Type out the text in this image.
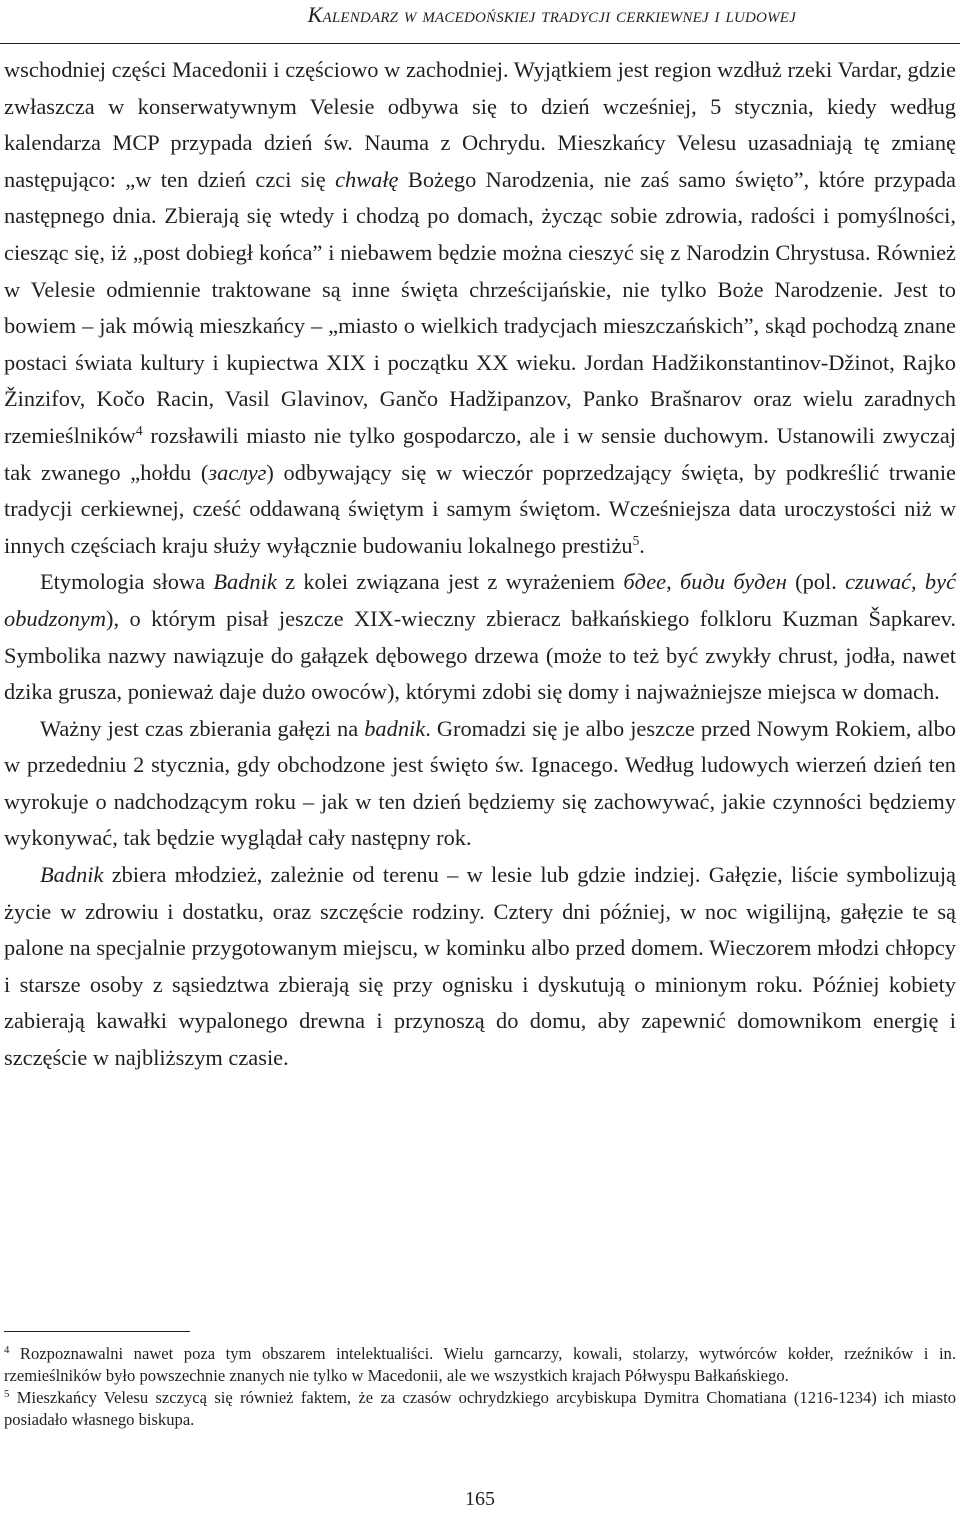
Kalendarz w macedońskiej tradycji cerkiewnej i ludowej

wschodniej części Macedonii i częściowo w zachodniej. Wyjątkiem jest region wzdłuż rzeki Vardar, gdzie zwłaszcza w konserwatywnym Velesie odbywa się to dzień wcześniej, 5 stycznia, kiedy według kalendarza MCP przypada dzień św. Nauma z Ochrydu. Mieszkańcy Velesu uzasadniają tę zmianę następująco: „w ten dzień czci się chwałę Bożego Narodzenia, nie zaś samo święto”, które przypada następnego dnia. Zbierają się wtedy i chodzą po domach, życząc sobie zdrowia, radości i pomyślności, ciesząc się, iż „post dobiegł końca” i niebawem będzie można cieszyć się z Narodzin Chrystusa. Również w Velesie odmiennie traktowane są inne święta chrześcijańskie, nie tylko Boże Narodzenie. Jest to bowiem – jak mówią mieszkańcy – „miasto o wielkich tradycjach mieszczańskich”, skąd pochodzą znane postaci świata kultury i kupiectwa XIX i początku XX wieku. Jordan Hadžikonstantinov-Džinot, Rajko Žinzifov, Kočo Racin, Vasil Glavinov, Gančo Hadžipanzov, Panko Brašnarov oraz wielu zaradnych rzemieślników$^4$ rozsławili miasto nie tylko gospodarczo, ale i w sensie duchowym. Ustanowili zwyczaj tak zwanego „hołdu (заслуг) odbywający się w wieczór poprzedzający święta, by podkreślić trwanie tradycji cerkiewnej, cześć oddawaną świętym i samym świętom. Wcześniejsza data uroczystości niż w innych częściach kraju służy wyłącznie budowaniu lokalnego prestiżu$^5$.

Etymologia słowa Badnik z kolei związana jest z wyrażeniem бдее, биди буден (pol. czuwać, być obudzonym), o którym pisał jeszcze XIX-wieczny zbieracz bałkańskiego folkloru Kuzman Šapkarev. Symbolika nazwy nawiązuje do gałązek dębowego drzewa (może to też być zwykły chrust, jodła, nawet dzika grusza, ponieważ daje dużo owoców), którymi zdobi się domy i najważniejsze miejsca w domach.

Ważny jest czas zbierania gałęzi na badnik. Gromadzi się je albo jeszcze przed Nowym Rokiem, albo w przededniu 2 stycznia, gdy obchodzone jest święto św. Ignacego. Według ludowych wierzeń dzień ten wyrokuje o nadchodzącym roku – jak w ten dzień będziemy się zachowywać, jakie czynności będziemy wykonywać, tak będzie wyglądał cały następny rok.

Badnik zbiera młodzież, zależnie od terenu – w lesie lub gdzie indziej. Gałęzie, liście symbolizują życie w zdrowiu i dostatku, oraz szczęście rodziny. Cztery dni później, w noc wigilijną, gałęzie te są palone na specjalnie przygotowanym miejscu, w kominku albo przed domem. Wieczorem młodzi chłopcy i starsze osoby z sąsiedztwa zbierają się przy ognisku i dyskutują o minionym roku. Później kobiety zabierają kawałki wypalonego drewna i przynoszą do domu, aby zapewnić domownikom energię i szczęście w najbliższym czasie.

$^4$ Rozpoznawalni nawet poza tym obszarem intelektualiści. Wielu garncarzy, kowali, stolarzy, wytwórców kołder, rzeźników i in. rzemieślników było powszechnie znanych nie tylko w Macedonii, ale we wszystkich krajach Półwyspu Bałkańskiego.

$^5$ Mieszkańcy Velesu szczycą się również faktem, że za czasów ochrydzkiego arcybiskupa Dymitra Chomatiana (1216-1234) ich miasto posiadało własnego biskupa.

165
